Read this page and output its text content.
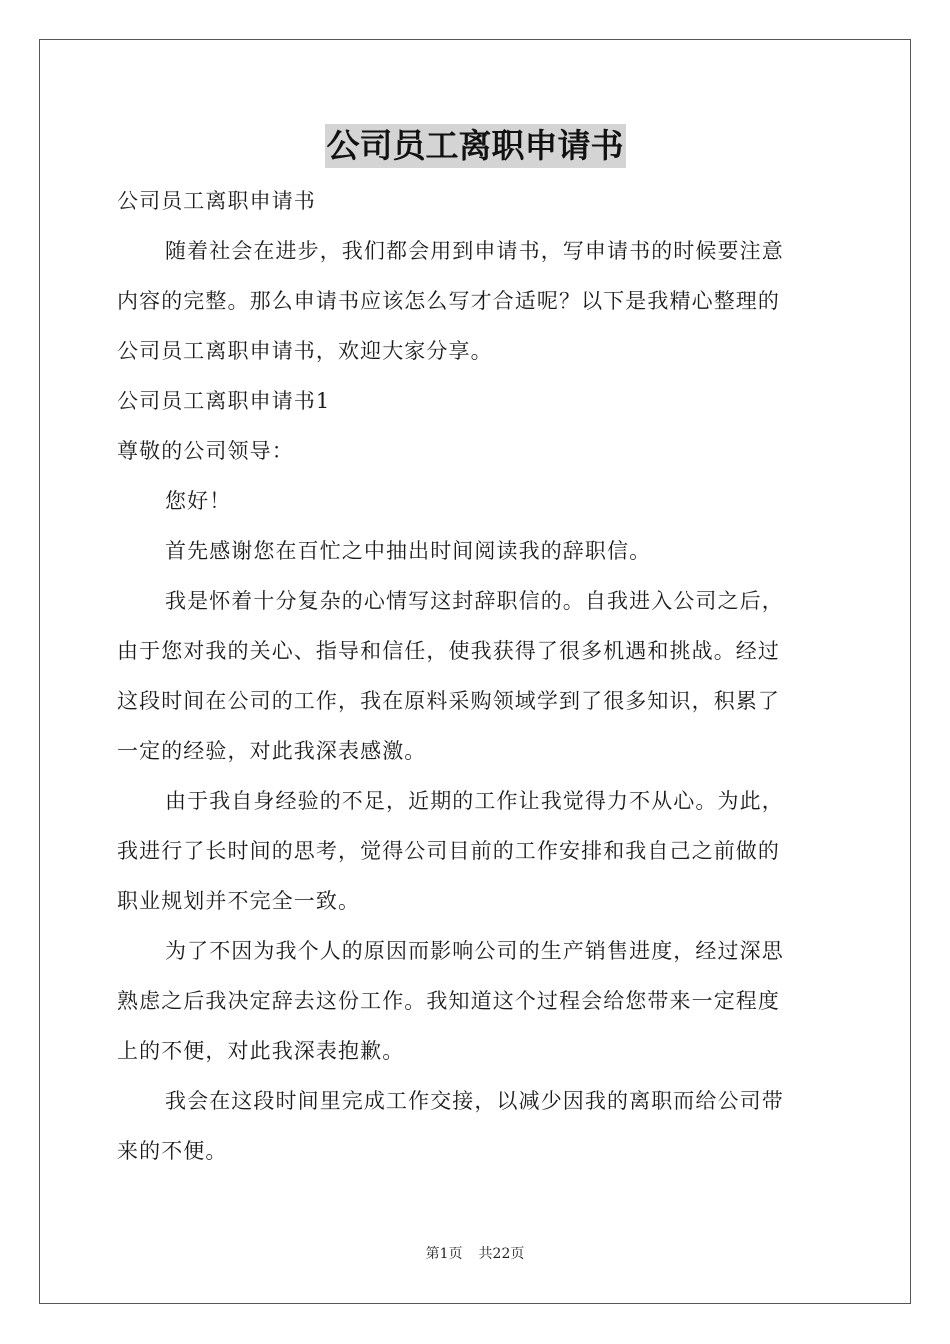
公司员工离职申请书
公司员工离职申请书
随着社会在进步，我们都会用到申请书，写申请书的时候要注意
内容的完整。那么申请书应该怎么写才合适呢？以下是我精心整理的
公司员工离职申请书，欢迎大家分享。
公司员工离职申请书1
尊敬的公司领导：
您好！
首先感谢您在百忙之中抽出时间阅读我的辞职信。
我是怀着十分复杂的心情写这封辞职信的。自我进入公司之后，
由于您对我的关心、指导和信任，使我获得了很多机遇和挑战。经过
这段时间在公司的工作，我在原料采购领域学到了很多知识，积累了
一定的经验，对此我深表感激。
由于我自身经验的不足，近期的工作让我觉得力不从心。为此，
我进行了长时间的思考，觉得公司目前的工作安排和我自己之前做的
职业规划并不完全一致。
为了不因为我个人的原因而影响公司的生产销售进度，经过深思
熟虑之后我决定辞去这份工作。我知道这个过程会给您带来一定程度
上的不便，对此我深表抱歉。
我会在这段时间里完成工作交接，以减少因我的离职而给公司带
来的不便。
第1页 共22页
